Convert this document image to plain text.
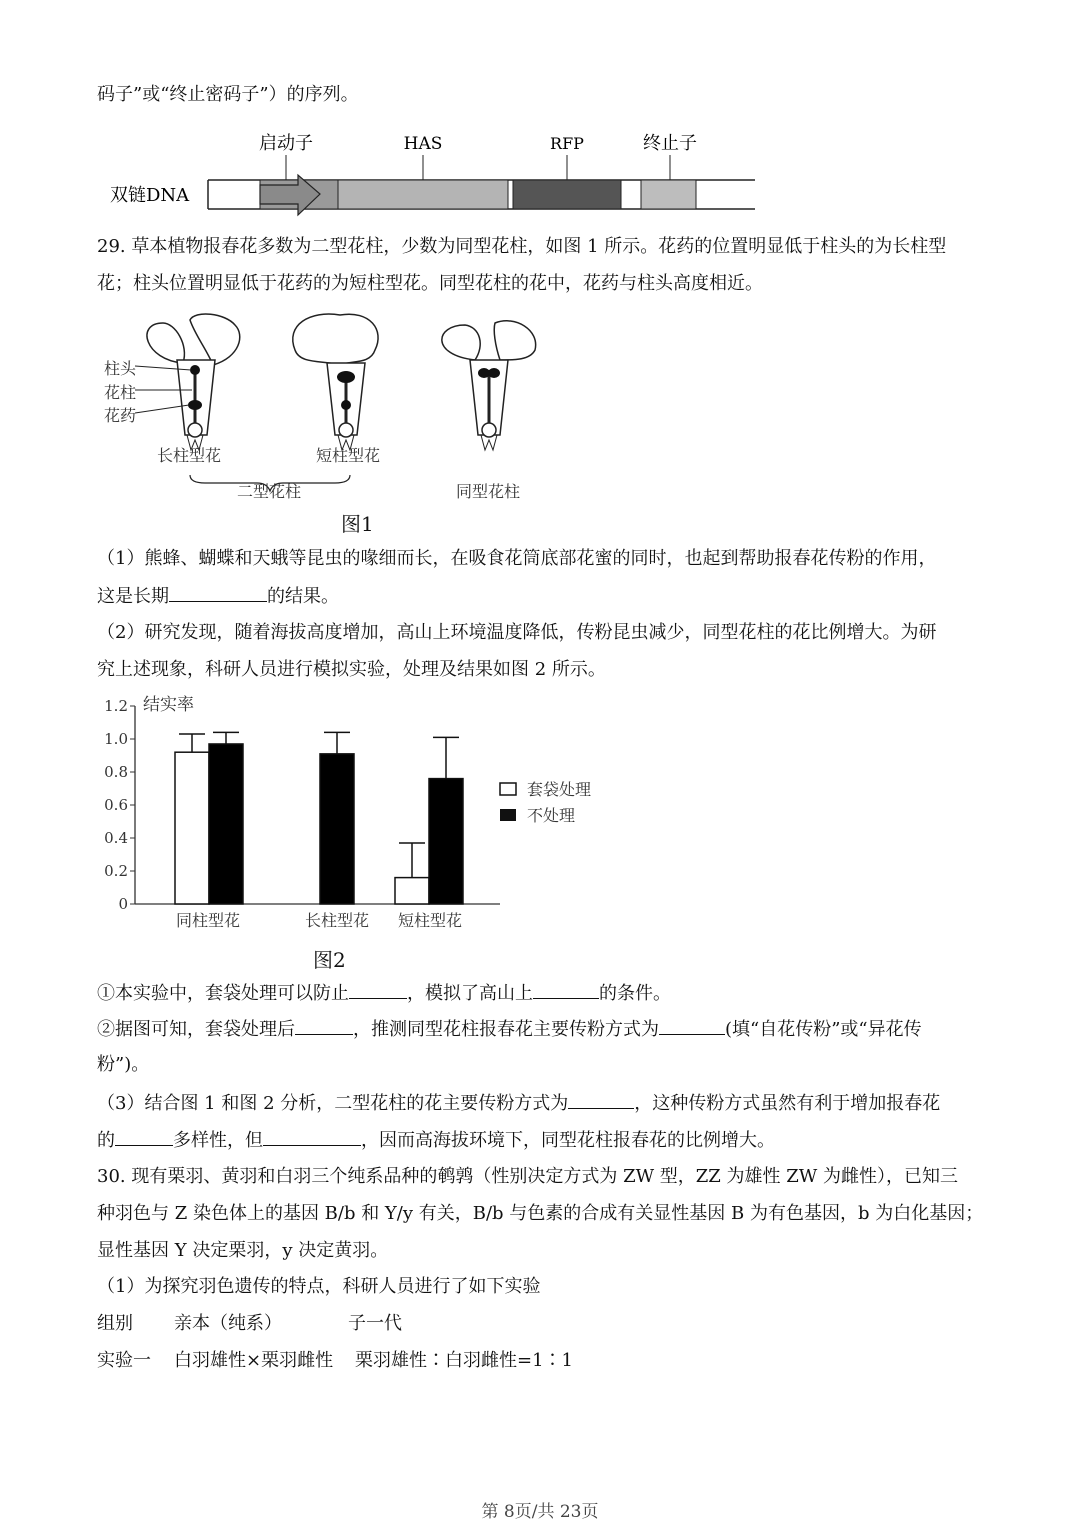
码子”或“终止密码子”）的序列。
双链DNA
启动子	HAS	RFP	终止子
29. 草本植物报春花多数为二型花柱，少数为同型花柱，如图 1 所示。花药的位置明显低于柱头的为长柱型
花；柱头位置明显低于花药的为短柱型花。同型花柱的花中，花药与柱头高度相近。
柱头
花柱
花药
长柱型花	短柱型花
二型花柱	同型花柱
图1
（1）熊蜂、蝴蝶和天蛾等昆虫的喙细而长，在吸食花筒底部花蜜的同时，也起到帮助报春花传粉的作用，
这是长期	的结果。
（2）研究发现，随着海拔高度增加，高山上环境温度降低，传粉昆虫减少，同型花柱的花比例增大。为研
究上述现象，科研人员进行模拟实验，处理及结果如图 2 所示。
0
0.2
0.4
0.6
0.8
1.0
1.2
同柱型花	长柱型花 短柱型花
结实率
套袋处理
不处理
图2
①本实验中，套袋处理可以防止	，模拟了高山上	的条件。
②据图可知，套袋处理后	，推测同型花柱报春花主要传粉方式为	(填“自花传粉”或“异花传
粉”)。
（3）结合图 1 和图 2 分析，二型花柱的花主要传粉方式为	，这种传粉方式虽然有利于增加报春花
的	多样性，但	，因而高海拔环境下，同型花柱报春花的比例增大。
30. 现有栗羽、黄羽和白羽三个纯系品种的鹌鹑（性别决定方式为 ZW 型，ZZ 为雄性 ZW 为雌性），已知三
种羽色与 Z 染色体上的基因 B/b 和 Y/y 有关，B/b 与色素的合成有关显性基因 B 为有色基因，b 为白化基因；
显性基因 Y 决定栗羽，y 决定黄羽。
（1）为探究羽色遗传的特点，科研人员进行了如下实验
组别 亲本（纯系）	子一代
实验一 白羽雄性×栗羽雌性 栗羽雄性∶白羽雌性=1∶1
第 8页/共 23页
